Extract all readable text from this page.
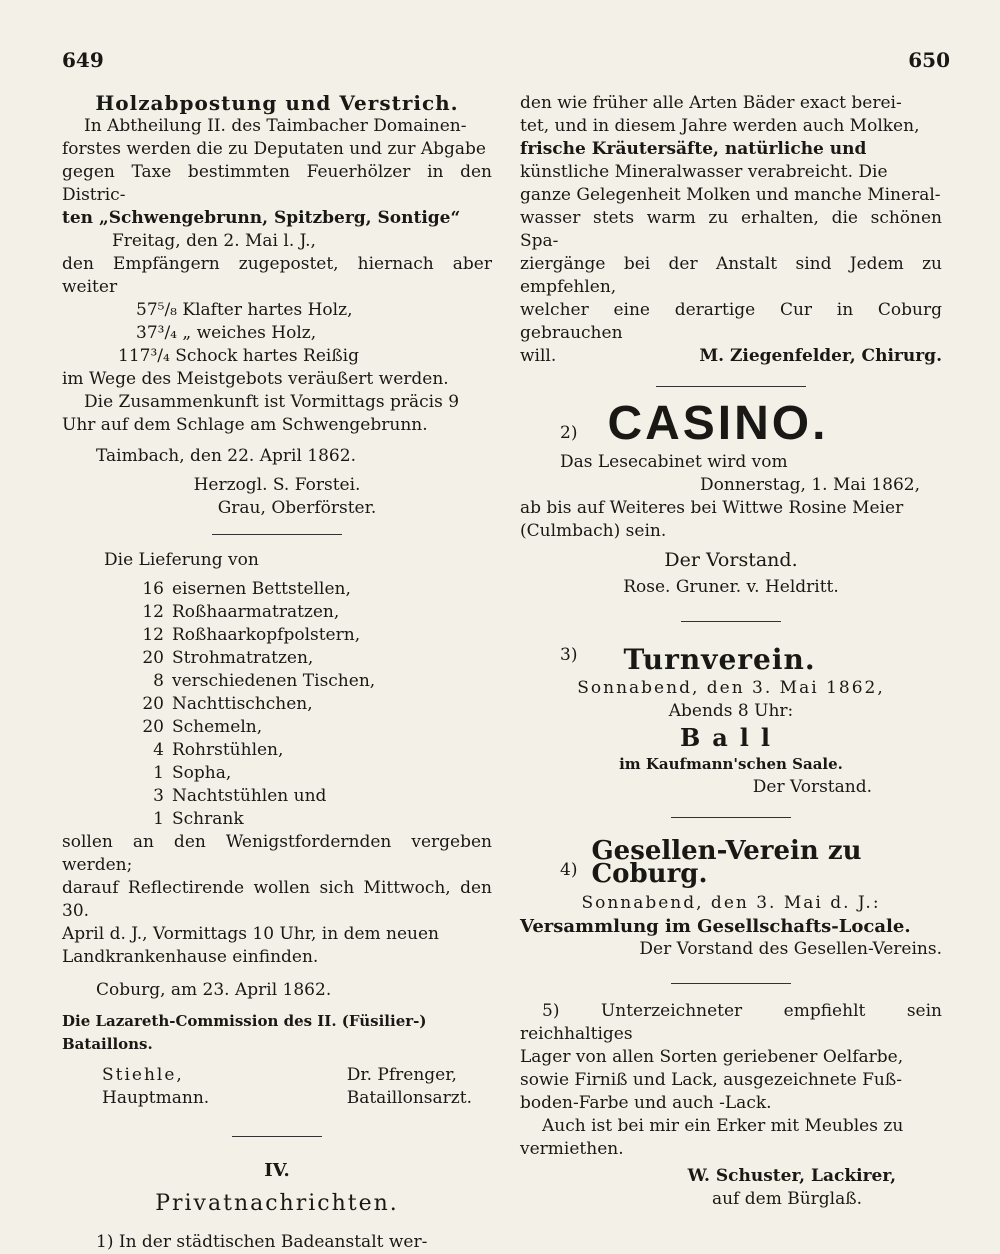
649	650

Holzabpostung und Verstrich.

In Abtheilung II. des Taimbacher Domainen-

forstes werden die zu Deputaten und zur Abgabe

gegen Taxe bestimmten Feuerhölzer in den Distric-

ten „Schwengebrunn, Spitzberg, Sontige“

Freitag, den 2. Mai l. J.,

den Empfängern zugepostet, hiernach aber weiter

57⁵/₈ Klafter hartes Holz,

37³/₄ „ weiches Holz,

117³/₄ Schock hartes Reißig

im Wege des Meistgebots veräußert werden.

Die Zusammenkunft ist Vormittags präcis 9

Uhr auf dem Schlage am Schwengebrunn.

Taimbach, den 22. April 1862.

Herzogl. S. Forstei.

Grau, Oberförster.

Die Lieferung von

16 eisernen Bettstellen,
12 Roßhaarmatratzen,
12 Roßhaarkopfpolstern,
20 Strohmatratzen,
8 verschiedenen Tischen,
20 Nachttischchen,
20 Schemeln,
4 Rohrstühlen,
1 Sopha,
3 Nachtstühlen und
1 Schrank

sollen an den Wenigstfordernden vergeben werden;

darauf Reflectirende wollen sich Mittwoch, den 30.

April d. J., Vormittags 10 Uhr, in dem neuen

Landkrankenhause einfinden.

Coburg, am 23. April 1862.

Die Lazareth-Commission des II. (Füsilier-) Bataillons.

Stiehle,

Hauptmann.

Dr. Pfrenger,

Bataillonsarzt.

IV.

Privatnachrichten.

1) In der städtischen Badeanstalt wer-

den wie früher alle Arten Bäder exact berei-

tet, und in diesem Jahre werden auch Molken,

frische Kräutersäfte, natürliche und

künstliche Mineralwasser verabreicht. Die

ganze Gelegenheit Molken und manche Mineral-

wasser stets warm zu erhalten, die schönen Spa-

ziergänge bei der Anstalt sind Jedem zu empfehlen,

welcher eine derartige Cur in Coburg gebrauchen

will.	M. Ziegenfelder, Chirurg.
2) CASINO.

Das Lesecabinet wird vom

Donnerstag, 1. Mai 1862,

ab bis auf Weiteres bei Wittwe Rosine Meier

(Culmbach) sein.

Der Vorstand.

Rose. Gruner. v. Heldritt.

3) Turnverein.

Sonnabend, den 3. Mai 1862,

Abends 8 Uhr:

Ball

im Kaufmann'schen Saale.

Der Vorstand.

4)
Gesellen-Verein zu Coburg.

Sonnabend, den 3. Mai d. J.:

Versammlung im Gesellschafts-Locale.

Der Vorstand des Gesellen-Vereins.

5) Unterzeichneter empfiehlt sein reichhaltiges

Lager von allen Sorten geriebener Oelfarbe,

sowie Firniß und Lack, ausgezeichnete Fuß-

boden-Farbe und auch -Lack.

Auch ist bei mir ein Erker mit Meubles zu

vermiethen.

W. Schuster, Lackirer,

auf dem Bürglaß.
